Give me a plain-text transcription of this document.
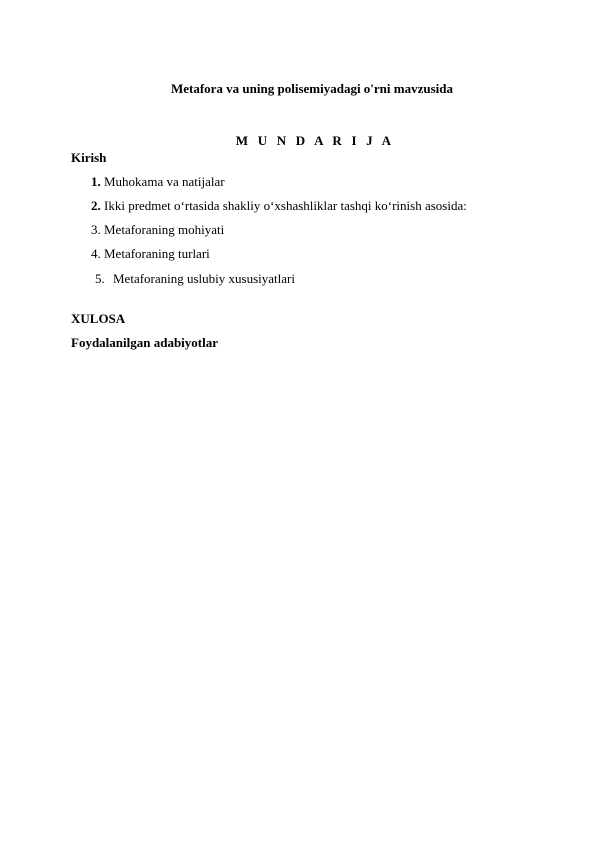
Metafora va uning polisemiyadagi o'rni mavzusida
M U N D A R I J A
Kirish
1. Muhokama va natijalar
2. Ikki predmet o‘rtasida shakliy o‘xshashliklar tashqi ko‘rinish asosida:
3. Metaforaning mohiyati
4. Metaforaning turlari
5. Metaforaning uslubiy xususiyatlari
XULOSA
Foydalanilgan adabiyotlar
